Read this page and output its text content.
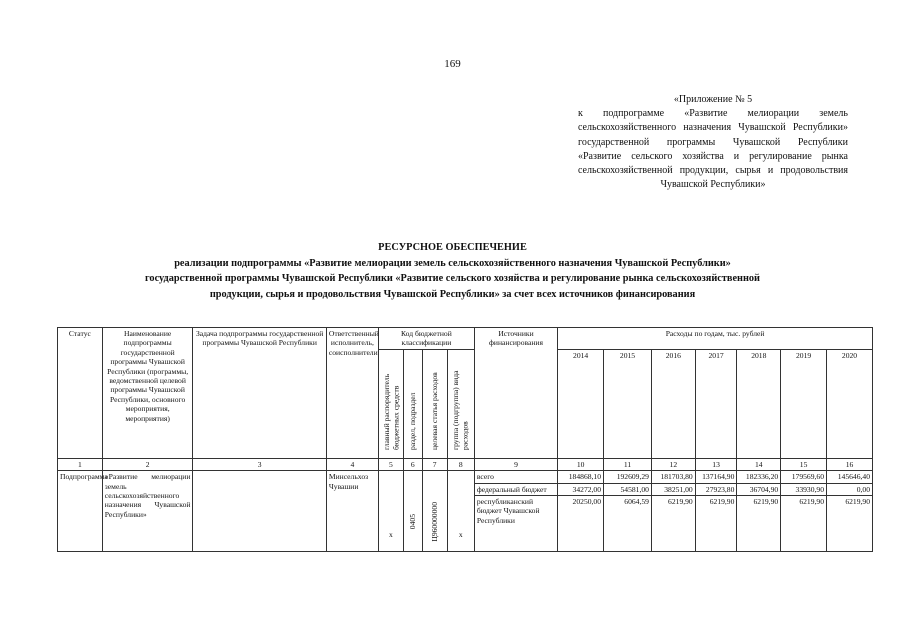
169
«Приложение № 5
к подпрограмме «Развитие мелиорации земель сельскохозяйственного назначения Чувашской Республики» государственной программы Чувашской Республики «Развитие сельского хозяйства и регулирование рынка сельскохозяйственной продукции, сырья и продовольствия Чувашской Республики»
РЕСУРСНОЕ ОБЕСПЕЧЕНИЕ
реализации подпрограммы «Развитие мелиорации земель сельскохозяйственного назначения Чувашской Республики»
государственной программы Чувашской Республики «Развитие сельского хозяйства и регулирование рынка сельскохозяйственной
продукции, сырья и продовольствия Чувашской Республики» за счет всех источников финансирования
Статус	Наименование подпрограммы государственной программы Чувашской Республики (программы, ведомственной целевой программы Чувашской Республики, основного мероприятия, мероприятия)	Задача подпрограммы государственной программы Чувашской Республики	Ответственный исполнитель, соисполнители	Код бюджетной классификации				Источники финансирования	Расходы по годам, тыс. рублей						
				главный распорядитель бюджетных средств	раздел, подраздел	целевая статья расходов	группа (подгруппа) вида расходов		2014	2015	2016	2017	2018	2019	2020

1	2	3	4	5	6	7	8	9	10	11	12	13	14	15	16
Подпрограмма	«Развитие мелиорации земель сельскохозяйственного назначения Чувашской Республики»		Минсельхоз Чувашии					всего	184868,10	192609,29	181703,80	137164,90	182336,20	179569,60	145646,40
								федеральный бюджет	34272,00	54581,00	38251,00	27923,80	36704,90	33930,90	0,00
				x	0405	Ц960000000	x	республиканский бюджет Чувашской Республики	20250,00	6064,59	6219,90	6219,90	6219,90	6219,90	6219,90
